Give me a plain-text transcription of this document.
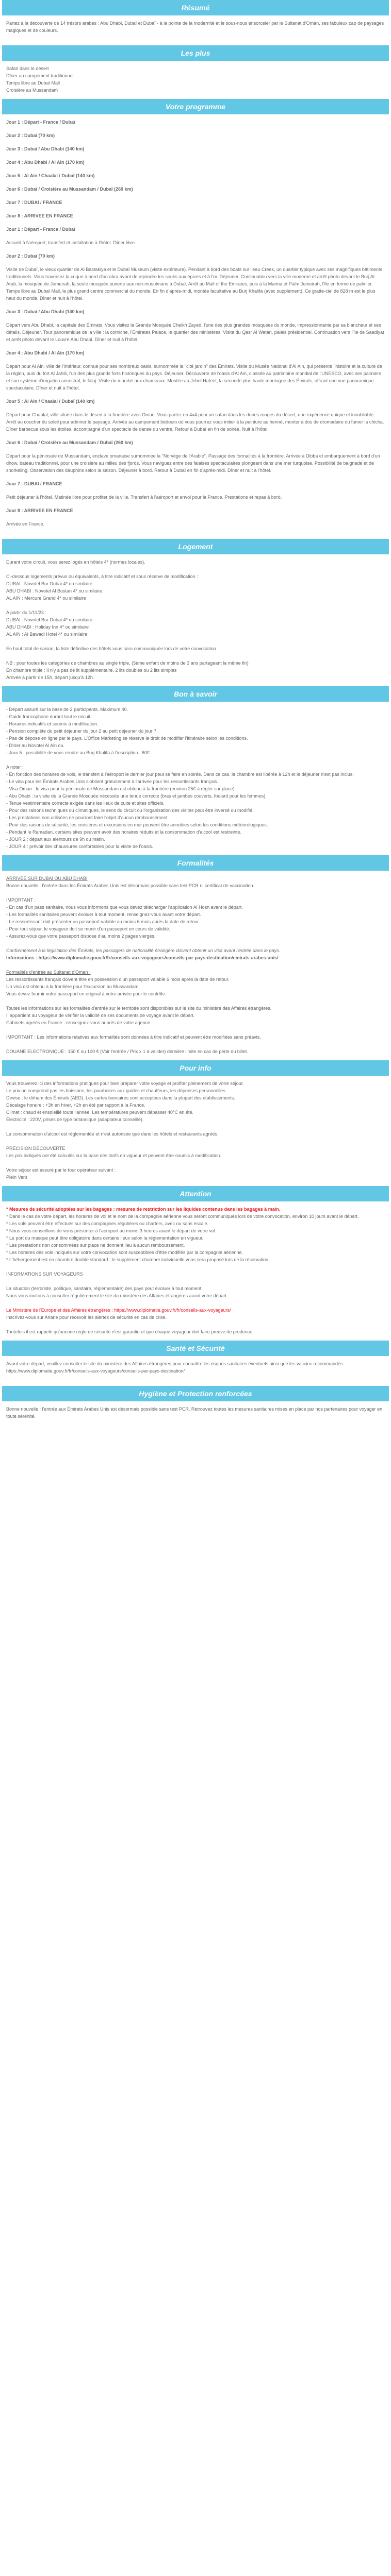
Résumé

Partez à la découverte de 14 trésors arabes : Abu Dhabi, Dubaï et Dubaï - à la pointe de la modernité et le sous-nous ensorceler par le Sultanat d'Oman, ses fabuleux cap de paysages magiques et de couleurs.

Les plus
Safari dans le désert
Dîner au campement traditionnel
Temps libre au Dubaï Mall
Croisière au Mussandam
Votre programme
Jour 1 : Départ - France / Dubaï
Jour 2 : Dubaï (70 km)
Jour 3 : Dubaï / Abu Dhabi (140 km)
Jour 4 : Abu Dhabi / Al Ain (170 km)
Jour 5 : Al Ain / Chaalal / Dubaï (140 km)
Jour 6 : Dubaï / Croisière au Mussandam / Dubaï (260 km)
Jour 7 : DUBAI / FRANCE
Jour 8 : ARRIVEE EN FRANCE
Jour 1 : Départ - France / Dubaï
Accueil à l'aéroport, transfert et installation à l'hôtel. Dîner libre.
Jour 2 : Dubaï (70 km)
Visite de Dubaï, le vieux quartier de Al Bastakiya et le Dubaï Museum (visite extérieure). Pendant à bord des boats sur l'eau Creek, un quartier typique avec ses magnifiques bâtiments traditionnels. Vous traversez la crique à bord d'un abra avant de rejoindre les souks aux épices et à l'or. Déjeuner. Continuation vers la ville moderne et arrêt photo devant le Burj Al Arab, la mosquée de Jumeirah, la seule mosquée ouverte aux non-musulmans à Dubaï. Arrêt au Mall of the Emirates, puis à la Marina et Palm Jumeirah, l'île en forme de palmier. Temps libre au Dubaï Mall, le plus grand centre commercial du monde. En fin d'après-midi, montée facultative au Burj Khalifa (avec supplément). Ce gratte-ciel de 828 m est le plus haut du monde. Dîner et nuit à l'hôtel.
Jour 3 : Dubaï / Abu Dhabi (140 km)
Départ vers Abu Dhabi, la capitale des Émirats. Vous visitez la Grande Mosquée Cheikh Zayed, l'une des plus grandes mosquées du monde, impressionnante par sa blancheur et ses détails. Déjeuner. Tour panoramique de la ville : la corniche, l'Emirates Palace, le quartier des ministères. Visite du Qasr Al Watan, palais présidentiel. Continuation vers l'île de Saadiyat et arrêt photo devant le Louvre Abu Dhabi. Dîner et nuit à l'hôtel.
Jour 4 : Abu Dhabi / Al Ain (170 km)
Départ pour Al Ain, ville de l'intérieur, connue pour ses nombreux oasis, surnommée la "cité jardin" des Émirats. Visite du Musée National d'Al Ain, qui présente l'histoire et la culture de la région, puis du fort Al Jahili, l'un des plus grands forts historiques du pays. Déjeuner. Découverte de l'oasis d'Al Ain, classée au patrimoine mondial de l'UNESCO, avec ses palmiers et son système d'irrigation ancestral, le falaj. Visite du marché aux chameaux. Montée au Jebel Hafeet, la seconde plus haute montagne des Émirats, offrant une vue panoramique spectaculaire. Dîner et nuit à l'hôtel.
Jour 5 : Al Ain / Chaalal / Dubaï (140 km)
Départ pour Chaalal, ville située dans le désert à la frontière avec Oman. Vous partez en 4x4 pour un safari dans les dunes rouges du désert, une expérience unique et inoubliable. Arrêt au coucher du soleil pour admirer le paysage. Arrivée au campement bédouin où vous pourrez vous initier à la peinture au henné, monter à dos de dromadaire ou fumer la chicha. Dîner barbecue sous les étoiles, accompagné d'un spectacle de danse du ventre. Retour à Dubaï en fin de soirée. Nuit à l'hôtel.
Jour 6 : Dubaï / Croisière au Mussandam / Dubaï (260 km)
Départ pour la péninsule de Mussandam, enclave omanaise surnommée la "Norvège de l'Arabie". Passage des formalités à la frontière. Arrivée à Dibba et embarquement à bord d'un dhow, bateau traditionnel, pour une croisière au milieu des fjords. Vous naviguez entre des falaises spectaculaires plongeant dans une mer turquoise. Possibilité de baignade et de snorkeling. Observation des dauphins selon la saison. Déjeuner à bord. Retour à Dubaï en fin d'après-midi. Dîner et nuit à l'hôtel.
Jour 7 : DUBAI / FRANCE
Petit déjeuner à l'hôtel. Matinée libre pour profiter de la ville. Transfert à l'aéroport et envol pour la France. Prestations et repas à bord.
Jour 8 : ARRIVEE EN FRANCE
Arrivée en France.
Logement
Durant votre circuit, vous serez logés en hôtels 4* (normes locales).
Ci-dessous logements prévus ou équivalents, à titre indicatif et sous réserve de modification :
DUBAI : Novotel Bur Dubai 4* ou similaire
ABU DHABI : Novotel Al Bustan 4* ou similaire
AL AIN : Mercure Grand 4* ou similaire
A partir du 1/11/23 :
DUBAI : Novotel Bur Dubai 4* ou similaire
ABU DHABI : Holiday Inn 4* ou similaire
AL AIN : Al Bawadi Hotel 4* ou similaire
En haut total de saison, la liste définitive des hôtels vous sera communiquée lors de votre convocation.
NB : pour toutes les catégories de chambres au single triple, (5ème enfant de moins de 3 ans partageant la même fin)
En chambre triple : Il n'y a pas de lit supplémentaire, 2 lits doubles ou 2 lits simples
Arrivée à partir de 15h, départ jusqu'à 12h.
Bon à savoir
- Départ assuré sur la base de 2 participants. Maximum 40.
- Guide francophone durant tout le circuit.
- Horaires indicatifs et soumis à modification.
- Pension complète du petit déjeuner du jour 2 au petit déjeuner du jour 7.
- Pas de dépose en ligne par le pays. L'Office Marketing se réserve le droit de modifier l'itinéraire selon les conditions.
- Dîner au Novotel Al Ain ou.
- Jour 5 : possibilité de vous rendre au Burj Khalifa à l'inscription : 60€.
A noter :
- En fonction des horaires de vols, le transfert à l'aéroport le dernier jour peut se faire en soirée. Dans ce cas, la chambre est libérée à 12h et le déjeuner n'est pas inclus.
- Le visa pour les Émirats Arabes Unis s'obtient gratuitement à l'arrivée pour les ressortissants français.
- Visa Oman : le visa pour la péninsule de Mussandam est obtenu à la frontière (environ 25€ à régler sur place).
- Abu Dhabi : la visite de la Grande Mosquée nécessite une tenue correcte (bras et jambes couverts, foulard pour les femmes).
- Tenue vestimentaire correcte exigée dans les lieux de culte et sites officiels.
- Pour des raisons techniques ou climatiques, le sens du circuit ou l'organisation des visites peut être inversé ou modifié.
- Les prestations non utilisées ne pourront faire l'objet d'aucun remboursement.
- Pour des raisons de sécurité, les croisières et excursions en mer peuvent être annulées selon les conditions météorologiques.
- Pendant le Ramadan, certains sites peuvent avoir des horaires réduits et la consommation d'alcool est restreinte.
- JOUR 2 : départ aux alentours de 9h du matin.
- JOUR 4 : prévoir des chaussures confortables pour la visite de l'oasis.
Formalités
ARRIVEE SUR DUBAI OU ABU DHABI
Bonne nouvelle : l'entrée dans les Émirats Arabes Unis est désormais possible sans test PCR ni certificat de vaccination.
IMPORTANT :
- En cas d'un pass sanitaire, nous vous informons que vous devez télécharger l'application Al Hosn avant le départ.
- Les formalités sanitaires peuvent évoluer à tout moment, renseignez-vous avant votre départ.
- Le ressortissant doit présenter un passeport valable au moins 6 mois après la date de retour.
- Pour tout séjour, le voyageur doit se munir d'un passeport en cours de validité.
- Assurez-vous que votre passeport dispose d'au moins 2 pages vierges.
Conformément à la législation des Émirats, les passagers de nationalité étrangère doivent obtenir un visa avant l'entrée dans le pays.
Informations : https://www.diplomatie.gouv.fr/fr/conseils-aux-voyageurs/conseils-par-pays-destination/emirats-arabes-unis/
Formalités d'entrée au Sultanat d'Oman :
Les ressortissants français doivent être en possession d'un passeport valable 6 mois après la date de retour.
Un visa est obtenu à la frontière pour l'excursion au Mussandam.
Vous devez fournir votre passeport en original à votre arrivée pour le contrôle.
Toutes les informations sur les formalités d'entrée sur le territoire sont disponibles sur le site du ministère des Affaires étrangères.
Il appartient au voyageur de vérifier la validité de ses documents de voyage avant le départ.
Cabinets agréés en France : renseignez-vous auprès de votre agence.
IMPORTANT : Les informations relatives aux formalités sont données à titre indicatif et peuvent être modifiées sans préavis.
DOUANE ELECTRONIQUE : 150 € ou 100 € (Voir l'entrée / Prix x 1 à valider) dernière limite en cas de perte du billet.
Pour info
Vous trouverez ici des informations pratiques pour bien préparer votre voyage et profiter pleinement de votre séjour.
Le prix ne comprend pas les boissons, les pourboires aux guides et chauffeurs, les dépenses personnelles.
Devise : le dirham des Émirats (AED). Les cartes bancaires sont acceptées dans la plupart des établissements.
Décalage horaire : +3h en hiver, +2h en été par rapport à la France.
Climat : chaud et ensoleillé toute l'année. Les températures peuvent dépasser 40°C en été.
Électricité : 220V, prises de type britannique (adaptateur conseillé).
La consommation d'alcool est réglementée et n'est autorisée que dans les hôtels et restaurants agréés.
PRÉCISION DÉCOUVERTE
Les prix indiqués ont été calculés sur la base des tarifs en vigueur et peuvent être soumis à modification.
Votre séjour est assuré par le tour opérateur suivant :
Plein Vent
Attention
* Mesures de sécurité adoptées sur les bagages : mesures de restriction sur les liquides contenus dans les bagages à main.
* Dans le cas de votre départ, les horaires de vol et le nom de la compagnie aérienne vous seront communiqués lors de votre convocation, environ 10 jours avant le départ.
* Les vols peuvent être effectués sur des compagnies régulières ou charters, avec ou sans escale.
* Nous vous conseillons de vous présenter à l'aéroport au moins 3 heures avant le départ de votre vol.
* Le port du masque peut être obligatoire dans certains lieux selon la réglementation en vigueur.
* Les prestations non consommées sur place ne donnent lieu à aucun remboursement.
* Les horaires des vols indiqués sur votre convocation sont susceptibles d'être modifiés par la compagnie aérienne.
* L'hébergement est en chambre double standard ; le supplément chambre individuelle vous sera proposé lors de la réservation.
INFORMATIONS SUR VOYAGEURS
La situation (terroriste, politique, sanitaire, réglementaire) des pays peut évoluer à tout moment.
Nous vous invitons à consulter régulièrement le site du ministère des Affaires étrangères avant votre départ.
Le Ministère de l'Europe et des Affaires étrangères : https://www.diplomatie.gouv.fr/fr/conseils-aux-voyageurs/
Inscrivez-vous sur Ariane pour recevoir les alertes de sécurité en cas de crise.
Toutefois il est rappelé qu'aucune règle de sécurité n'est garantie et que chaque voyageur doit faire preuve de prudence.
Santé et Sécurité

Avant votre départ, veuillez consulter le site du ministère des Affaires étrangères pour connaître les risques sanitaires éventuels ainsi que les vaccins recommandés : https://www.diplomatie.gouv.fr/fr/conseils-aux-voyageurs/conseils-par-pays-destination/

Hygiène et Protection renforcées

Bonne nouvelle : l'entrée aux Émirats Arabes Unis est désormais possible sans test PCR. Retrouvez toutes les mesures sanitaires mises en place par nos partenaires pour voyager en toute sérénité.
